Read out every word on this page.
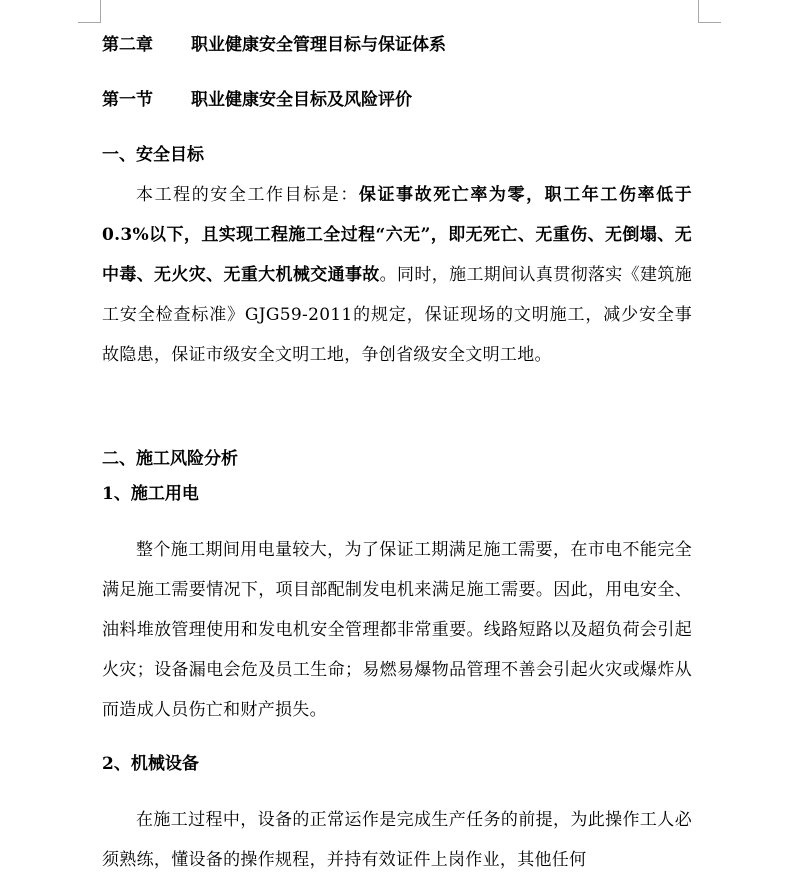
第二章 职业健康安全管理目标与保证体系
第一节 职业健康安全目标及风险评价
一、安全目标
本工程的安全工作目标是：保证事故死亡率为零，职工年工伤率低于0.3%以下，且实现工程施工全过程“六无”，即无死亡、无重伤、无倒塌、无中毒、无火灾、无重大机械交通事故。同时，施工期间认真贯彻落实《建筑施工安全检查标准》GJG59-2011的规定，保证现场的文明施工，减少安全事故隐患，保证市级安全文明工地，争创省级安全文明工地。
二、施工风险分析
1、施工用电
整个施工期间用电量较大，为了保证工期满足施工需要，在市电不能完全满足施工需要情况下，项目部配制发电机来满足施工需要。因此，用电安全、油料堆放管理使用和发电机安全管理都非常重要。线路短路以及超负荷会引起火灾；设备漏电会危及员工生命；易燃易爆物品管理不善会引起火灾或爆炸从而造成人员伤亡和财产损失。
2、机械设备
在施工过程中，设备的正常运作是完成生产任务的前提，为此操作工人必须熟练，懂设备的操作规程，并持有效证件上岗作业，其他任何
